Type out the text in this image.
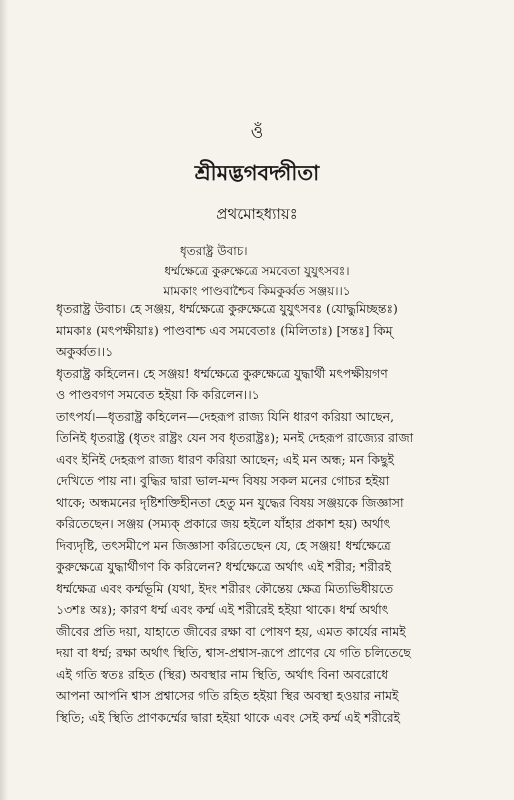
ওঁ
শ্রীমদ্ভগবদ্গীতা
প্রথমোহধ্যায়ঃ
ধৃতরাষ্ট্র উবাচ।
ধর্ম্মক্ষেত্রে কুরুক্ষেত্রে সমবেতা যুযুৎসবঃ।
মামকাং পাণ্ডবাশ্চৈব কিমকুর্ব্বত সঞ্জয়।।১
ধৃতরাষ্ট্র উবাচ। হে সঞ্জয়, ধর্ম্মক্ষেত্রে কুরুক্ষেত্রে যুযুৎসবঃ (যোদ্ধুমিচ্ছন্তঃ)
মামকাঃ (মৎপক্ষীয়াঃ) পাণ্ডবাশ্চ এব সমবেতাঃ (মিলিতাঃ) [সন্তঃ] কিম্
অকুর্ব্বত।।১
ধৃতরাষ্ট্র কহিলেন। হে সঞ্জয়! ধর্ম্মক্ষেত্রে কুরুক্ষেত্রে যুদ্ধার্থী মৎপক্ষীয়গণ
ও পাণ্ডবগণ সমবেত হইয়া কি করিলেন।।১
তাৎপর্য।—ধৃতরাষ্ট্র কহিলেন—দেহরূপ রাজ্য যিনি ধারণ করিয়া আছেন,
তিনিই ধৃতরাষ্ট্র (ধৃতং রাষ্ট্রং যেন সব ধৃতরাষ্ট্রঃ); মনই দেহরূপ রাজ্যের রাজা
এবং ইনিই দেহরূপ রাজ্য ধারণ করিয়া আছেন; এই মন অন্ধ; মন কিছুই
দেখিতে পায় না। বুদ্ধির দ্বারা ভাল-মন্দ বিষয় সকল মনের গোচর হইয়া
থাকে; অন্ধমনের দৃষ্টিশক্তিহীনতা হেতু মন যুদ্ধের বিষয় সঞ্জয়কে জিজ্ঞাসা
করিতেছেন। সঞ্জয় (সম্যক্ প্রকারে জয় হইলে যাঁহার প্রকাশ হয়) অর্থাৎ
দিব্যদৃষ্টি, তৎসমীপে মন জিজ্ঞাসা করিতেছেন যে, হে সঞ্জয়! ধর্ম্মক্ষেত্রে
কুরুক্ষেত্রে যুদ্ধার্থীগণ কি করিলেন? ধর্ম্মক্ষেত্রে অর্থাৎ এই শরীর; শরীরই
ধর্ম্মক্ষেত্র এবং কর্ম্মভূমি (যথা, ইদং শরীরং কৌন্তেয় ক্ষেত্র মিত্যভিধীয়তে
১৩শঃ অঃ); কারণ ধর্ম্ম এবং কর্ম্ম এই শরীরেই হইয়া থাকে। ধর্ম্ম অর্থাৎ
জীবের প্রতি দয়া, যাহাতে জীবের রক্ষা বা পোষণ হয়, এমত কার্যের নামই
দয়া বা ধর্ম্ম; রক্ষা অর্থাৎ স্থিতি, শ্বাস-প্রশ্বাস-রূপে প্রাণের যে গতি চলিতেছে
এই গতি স্বতঃ রহিত (স্থির) অবস্থার নাম স্থিতি, অর্থাৎ বিনা অবরোধে
আপনা আপনি শ্বাস প্রশ্বাসের গতি রহিত হইয়া স্থির অবস্থা হওয়ার নামই
স্থিতি; এই স্থিতি প্রাণকর্ম্মের দ্বারা হইয়া থাকে এবং সেই কর্ম্ম এই শরীরেই
